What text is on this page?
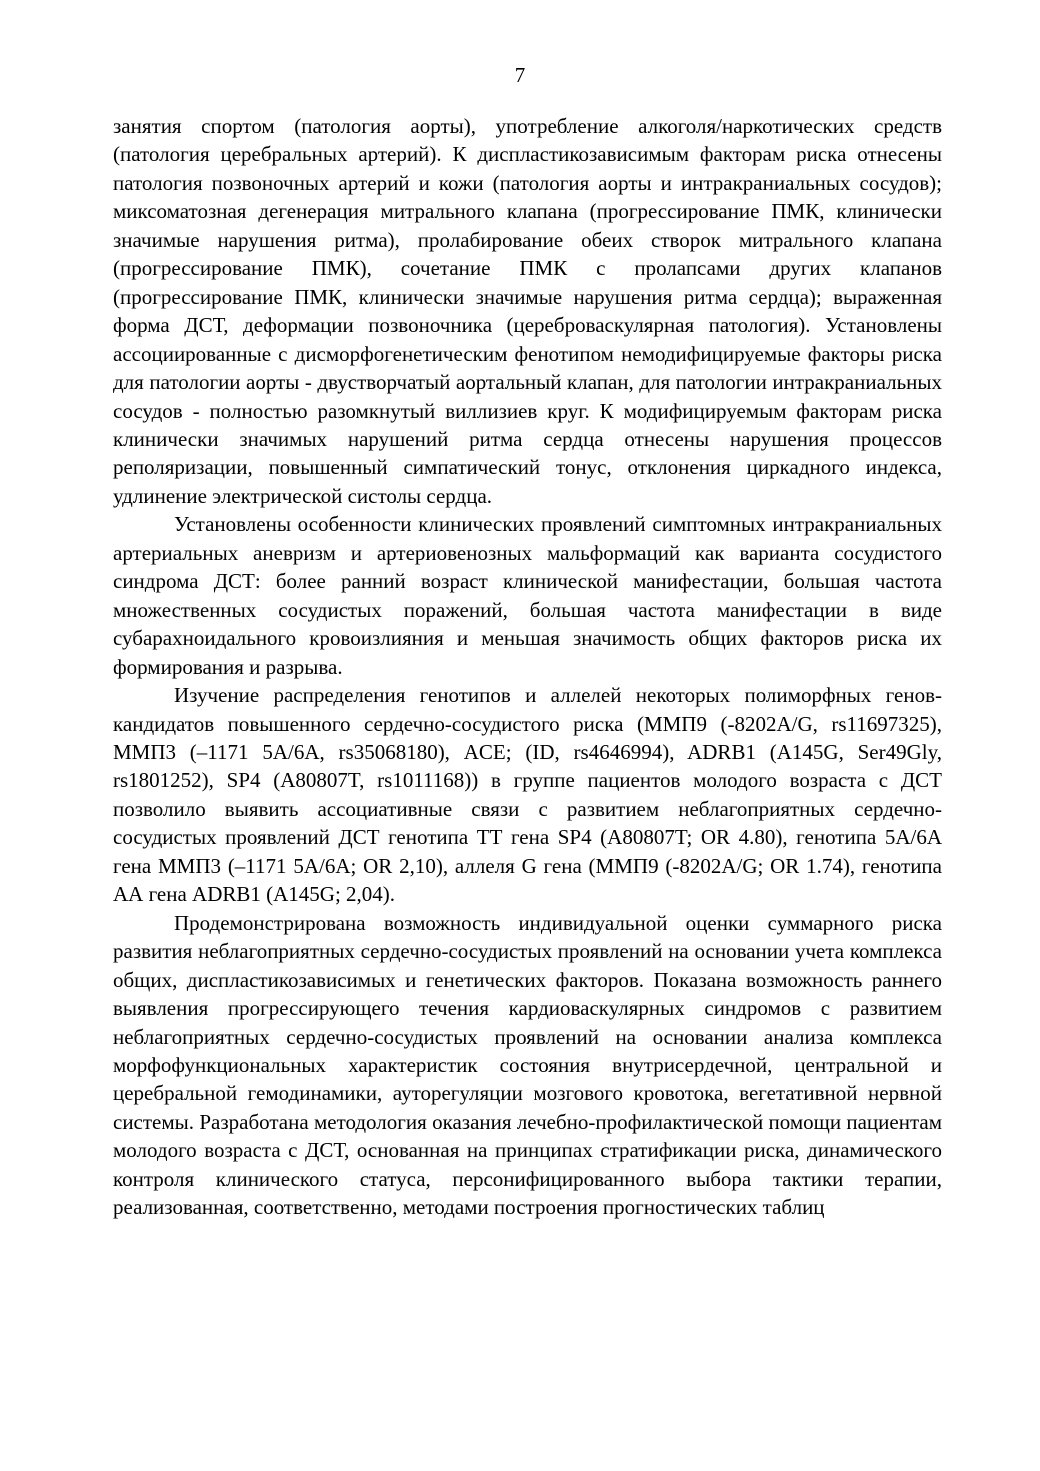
7

занятия спортом (патология аорты), употребление алкоголя/наркотических средств (патология церебральных артерий). К диспластикозависимым факторам риска отнесены патология позвоночных артерий и кожи (патология аорты и интракраниальных сосудов); миксоматозная дегенерация митрального клапана (прогрессирование ПМК, клинически значимые нарушения ритма), пролабирование обеих створок митрального клапана (прогрессирование ПМК), сочетание ПМК с пролапсами других клапанов (прогрессирование ПМК, клинически значимые нарушения ритма сердца); выраженная форма ДСТ, деформации позвоночника (цереброваскулярная патология). Установлены ассоциированные с дисморфогенетическим фенотипом немодифицируемые факторы риска для патологии аорты - двустворчатый аортальный клапан, для патологии интракраниальных сосудов - полностью разомкнутый виллизиев круг. К модифицируемым факторам риска клинически значимых нарушений ритма сердца отнесены нарушения процессов реполяризации, повышенный симпатический тонус, отклонения циркадного индекса, удлинение электрической систолы сердца.

Установлены особенности клинических проявлений симптомных интракраниальных артериальных аневризм и артериовенозных мальформаций как варианта сосудистого синдрома ДСТ: более ранний возраст клинической манифестации, большая частота множественных сосудистых поражений, большая частота манифестации в виде субарахноидального кровоизлияния и меньшая значимость общих факторов риска их формирования и разрыва.

Изучение распределения генотипов и аллелей некоторых полиморфных генов-кандидатов повышенного сердечно-сосудистого риска (ММП9 (-8202A/G, rs11697325), ММП3 (–1171 5A/6A, rs35068180), ACE; (ID, rs4646994), ADRB1 (A145G, Ser49Gly, rs1801252), SP4 (A80807T, rs1011168)) в группе пациентов молодого возраста с ДСТ позволило выявить ассоциативные связи с развитием неблагоприятных сердечно-сосудистых проявлений ДСТ генотипа ТТ гена SP4 (A80807T; OR 4.80), генотипа 5А/6А гена ММП3 (–1171 5A/6A; OR 2,10), аллеля G гена (ММП9 (-8202A/G; OR 1.74), генотипа АА гена ADRB1 (A145G; 2,04).

Продемонстрирована возможность индивидуальной оценки суммарного риска развития неблагоприятных сердечно-сосудистых проявлений на основании учета комплекса общих, диспластикозависимых и генетических факторов. Показана возможность раннего выявления прогрессирующего течения кардиоваскулярных синдромов с развитием неблагоприятных сердечно-сосудистых проявлений на основании анализа комплекса морфофункциональных характеристик состояния внутрисердечной, центральной и церебральной гемодинамики, ауторегуляции мозгового кровотока, вегетативной нервной системы. Разработана методология оказания лечебно-профилактической помощи пациентам молодого возраста с ДСТ, основанная на принципах стратификации риска, динамического контроля клинического статуса, персонифицированного выбора тактики терапии, реализованная, соответственно, методами построения прогностических таблиц
